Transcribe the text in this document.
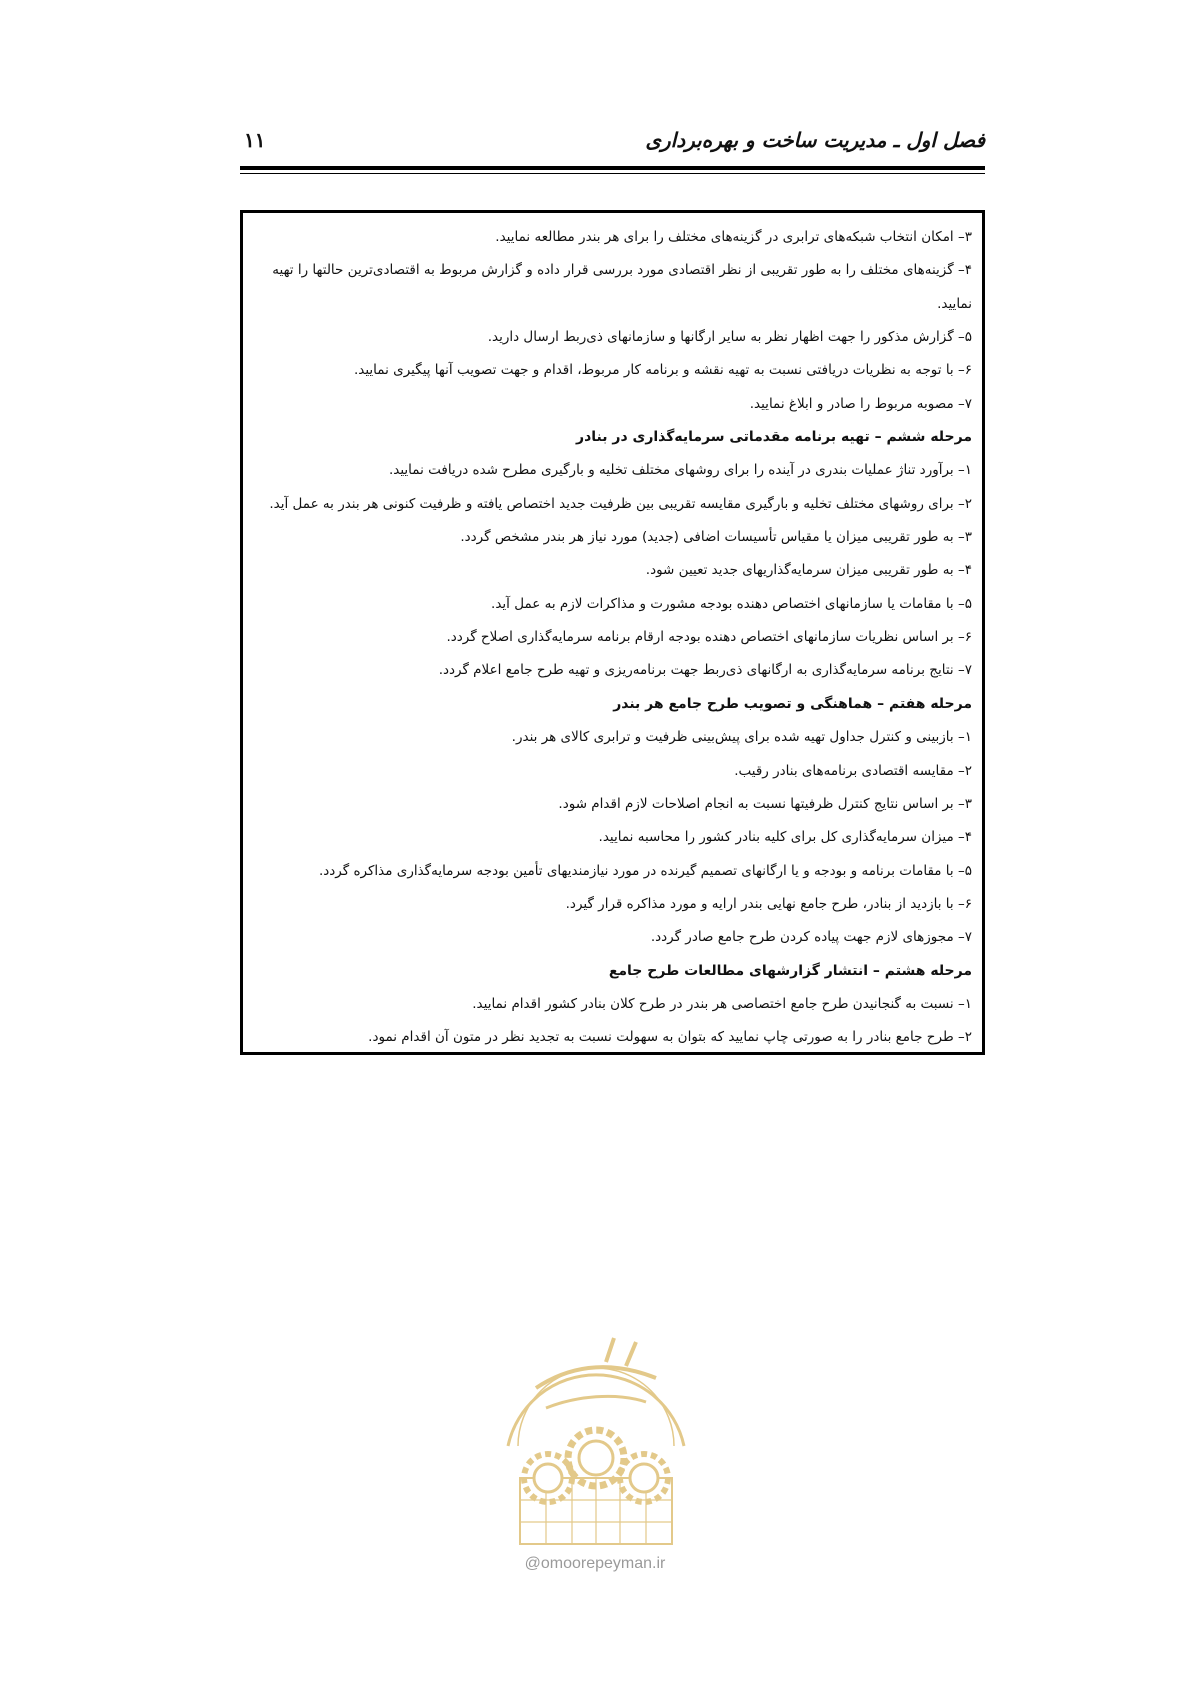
فصل اول ـ مدیریت ساخت و بهره‌برداری
۱۱
۳– امکان انتخاب شبکه‌های ترابری در گزینه‌های مختلف را برای هر بندر مطالعه نمایید.
۴– گزینه‌های مختلف را به طور تقریبی از نظر اقتصادی مورد بررسی قرار داده و گزارش مربوط به اقتصادی‌ترین حالتها را تهیه
نمایید.
۵– گزارش مذکور را جهت اظهار نظر به سایر ارگانها و سازمانهای ذی‌ربط ارسال دارید.
۶– با توجه به نظریات دریافتی نسبت به تهیه نقشه و برنامه کار مربوط، اقدام و جهت تصویب آنها پیگیری نمایید.
۷– مصوبه مربوط را صادر و ابلاغ نمایید.
مرحله ششم – تهیه برنامه مقدماتی سرمایه‌گذاری در بنادر
۱– برآورد تناژ عملیات بندری در آینده را برای روشهای مختلف تخلیه و بارگیری مطرح شده دریافت نمایید.
۲– برای روشهای مختلف تخلیه و بارگیری مقایسه تقریبی بین ظرفیت جدید اختصاص یافته و ظرفیت کنونی هر بندر به عمل آید.
۳– به طور تقریبی میزان یا مقیاس تأسیسات اضافی (جدید) مورد نیاز هر بندر مشخص گردد.
۴– به طور تقریبی میزان سرمایه‌گذاریهای جدید تعیین شود.
۵– با مقامات یا سازمانهای اختصاص دهنده بودجه مشورت و مذاکرات لازم به عمل آید.
۶– بر اساس نظریات سازمانهای اختصاص دهنده بودجه ارقام برنامه سرمایه‌گذاری اصلاح گردد.
۷– نتایج برنامه سرمایه‌گذاری به ارگانهای ذی‌ربط جهت برنامه‌ریزی و تهیه طرح جامع اعلام گردد.
مرحله هفتم – هماهنگی و تصویب طرح جامع هر بندر
۱– بازبینی و کنترل جداول تهیه شده برای پیش‌بینی ظرفیت و ترابری کالای هر بندر.
۲– مقایسه اقتصادی برنامه‌های بنادر رقیب.
۳– بر اساس نتایج کنترل ظرفیتها نسبت به انجام اصلاحات لازم اقدام شود.
۴– میزان سرمایه‌گذاری کل برای کلیه بنادر کشور را محاسبه نمایید.
۵– با مقامات برنامه و بودجه و یا ارگانهای تصمیم گیرنده در مورد نیازمندیهای تأمین بودجه سرمایه‌گذاری مذاکره گردد.
۶– با بازدید از بنادر، طرح جامع نهایی بندر ارایه و مورد مذاکره قرار گیرد.
۷– مجوزهای لازم جهت پیاده کردن طرح جامع صادر گردد.
مرحله هشتم – انتشار گزارشهای مطالعات طرح جامع
۱– نسبت به گنجانیدن طرح جامع اختصاصی هر بندر در طرح کلان بنادر کشور اقدام نمایید.
۲– طرح جامع بنادر را به صورتی چاپ نمایید که بتوان به سهولت نسبت به تجدید نظر در متون آن اقدام نمود.
@omoorepeyman.ir
